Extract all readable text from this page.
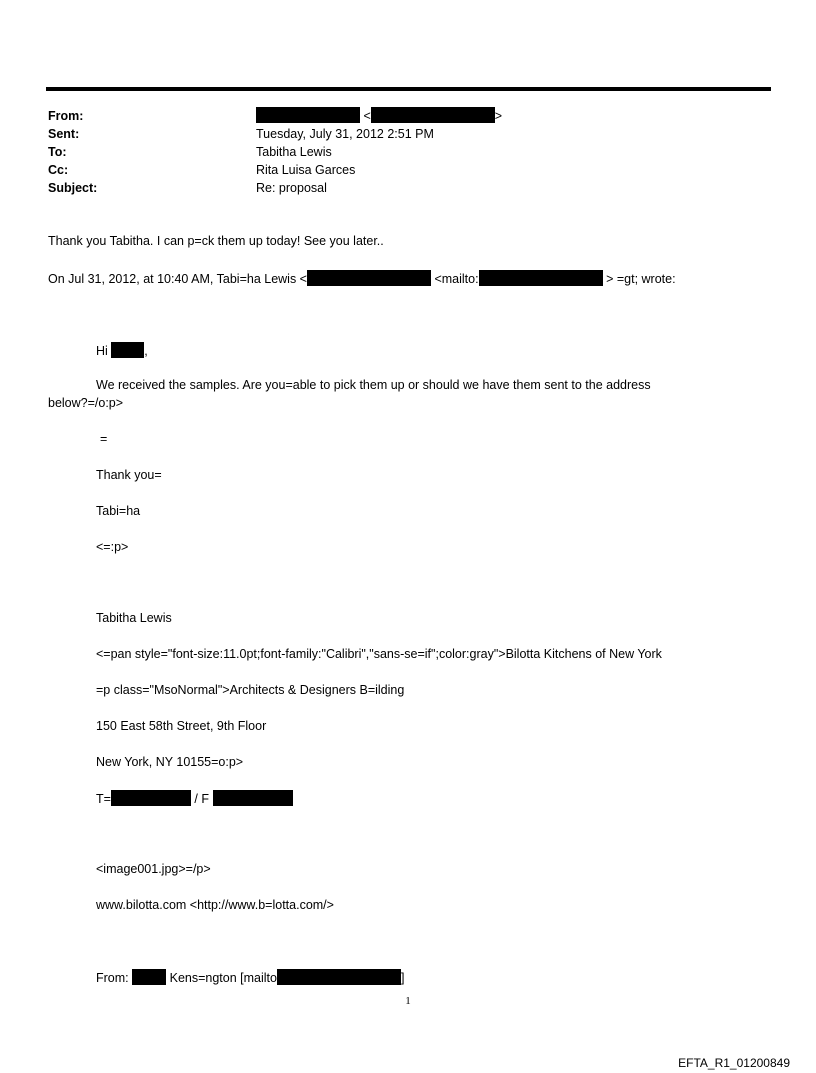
From:	<	>
Sent:	Tuesday, July 31, 2012 2:51 PM
To:	Tabitha Lewis
Cc:	Rita Luisa Garces
Subject:	Re: proposal
Thank you Tabitha. I can p=ck them up today! See you later..
On Jul 31, 2012, at 10:40 AM, Tabi=ha Lewis <	<mailto:	> =gt; wrote:
Hi	,
We received the samples. Are you=able to pick them up or should we have them sent to the address
below?=/o:p>
=
Thank you=
Tabi=ha
<=:p>
Tabitha Lewis
<=pan style="font-size:11.0pt;font-family:"Calibri","sans-se=if";color:gray">Bilotta Kitchens of New York
=p class="MsoNormal">Architects & Designers B=ilding
150 East 58th Street, 9th Floor
New York, NY 10155=o:p>
T=	/ F
<image001.jpg>=/p>
www.bilotta.com <http://www.b=lotta.com/>
From:	Kens=ngton [mailto	]
1
EFTA_R1_01200849
